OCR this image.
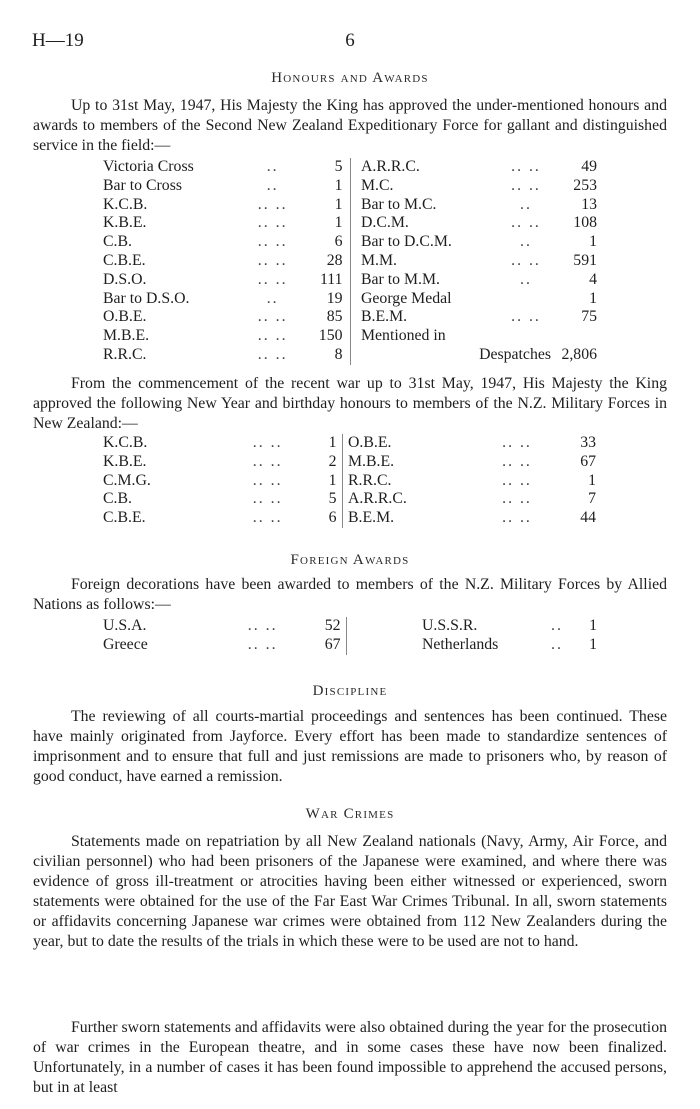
H—19	6
Honours and Awards
Up to 31st May, 1947, His Majesty the King has approved the under-mentioned honours and awards to members of the Second New Zealand Expeditionary Force for gallant and distinguished service in the field:—
Victoria Cross	..	5	
Bar to Cross	..	1	
K.C.B.	.. ..	1	
K.B.E.	.. ..	1	
C.B.	.. ..	6	
C.B.E.	.. ..	28	
D.S.O.	.. ..	111	
Bar to D.S.O.	..	19	
O.B.E.	.. ..	85	
M.B.E.	.. ..	150	
R.R.C.	.. ..	8	
A.R.R.C.	.. ..	49
M.C.	.. ..	253
Bar to M.C.	..	13
D.C.M.	.. ..	108
Bar to D.C.M.	..	1
M.M.	.. ..	591
Bar to M.M.	..	4
George Medal		1
B.E.M.	.. ..	75
Mentioned in		
Despatches		2,806
From the commencement of the recent war up to 31st May, 1947, His Majesty the King approved the following New Year and birthday honours to members of the N.Z. Military Forces in New Zealand:—
K.C.B.	.. ..	1	
K.B.E.	.. ..	2	
C.M.G.	.. ..	1	
C.B.	.. ..	5	
C.B.E.	.. ..	6	
O.B.E.	.. ..	33
M.B.E.	.. ..	67
R.R.C.	.. ..	1
A.R.R.C.	.. ..	7
B.E.M.	.. ..	44
Foreign Awards
Foreign decorations have been awarded to members of the N.Z. Military Forces by Allied Nations as follows:—
U.S.A.	.. ..	52	
Greece	.. ..	67	
U.S.S.R.	..	1
Netherlands	..	1
Discipline
The reviewing of all courts-martial proceedings and sentences has been continued. These have mainly originated from Jayforce. Every effort has been made to standardize sentences of imprisonment and to ensure that full and just remissions are made to prisoners who, by reason of good conduct, have earned a remission.
War Crimes
Statements made on repatriation by all New Zealand nationals (Navy, Army, Air Force, and civilian personnel) who had been prisoners of the Japanese were examined, and where there was evidence of gross ill-treatment or atrocities having been either witnessed or experienced, sworn statements were obtained for the use of the Far East War Crimes Tribunal. In all, sworn statements or affidavits concerning Japanese war crimes were obtained from 112 New Zealanders during the year, but to date the results of the trials in which these were to be used are not to hand.
Further sworn statements and affidavits were also obtained during the year for the prosecution of war crimes in the European theatre, and in some cases these have now been finalized. Unfortunately, in a number of cases it has been found impossible to apprehend the accused persons, but in at least
